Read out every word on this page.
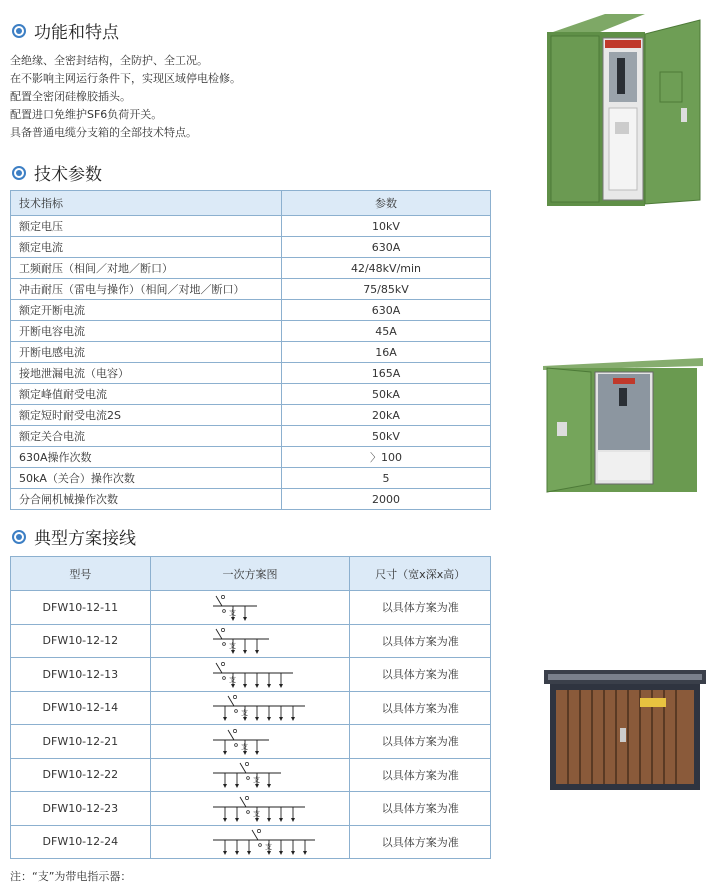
功能和特点
全绝缘、全密封结构，全防护、全工况。
在不影响主网运行条件下，实现区域停电检修。
配置全密闭硅橡胶插头。
配置进口免维护SF6负荷开关。
具备普通电缆分支箱的全部技术特点。
技术参数
技术指标	参数
额定电压	10kV
额定电流	630A
工频耐压（相间／对地／断口）	42/48kV/min
冲击耐压（雷电与操作）（相间／对地／断口）	75/85kV
额定开断电流	630A
开断电容电流	45A
开断电感电流	16A
接地泄漏电流（电容）	165A
额定峰值耐受电流	50kA
额定短时耐受电流2S	20kA
额定关合电流	50kV
630A操作次数	〉100
50kA（关合）操作次数	5
分合闸机械操作次数	2000
典型方案接线
型号	一次方案图	尺寸（宽x深x高）
DFW10-12-11	支	以具体方案为准
DFW10-12-12	支	以具体方案为准
DFW10-12-13	支	以具体方案为准
DFW10-12-14	支	以具体方案为准
DFW10-12-21	支	以具体方案为准
DFW10-12-22	支	以具体方案为准
DFW10-12-23	支	以具体方案为准
DFW10-12-24	支	以具体方案为准
注：“支”为带电指示器：
